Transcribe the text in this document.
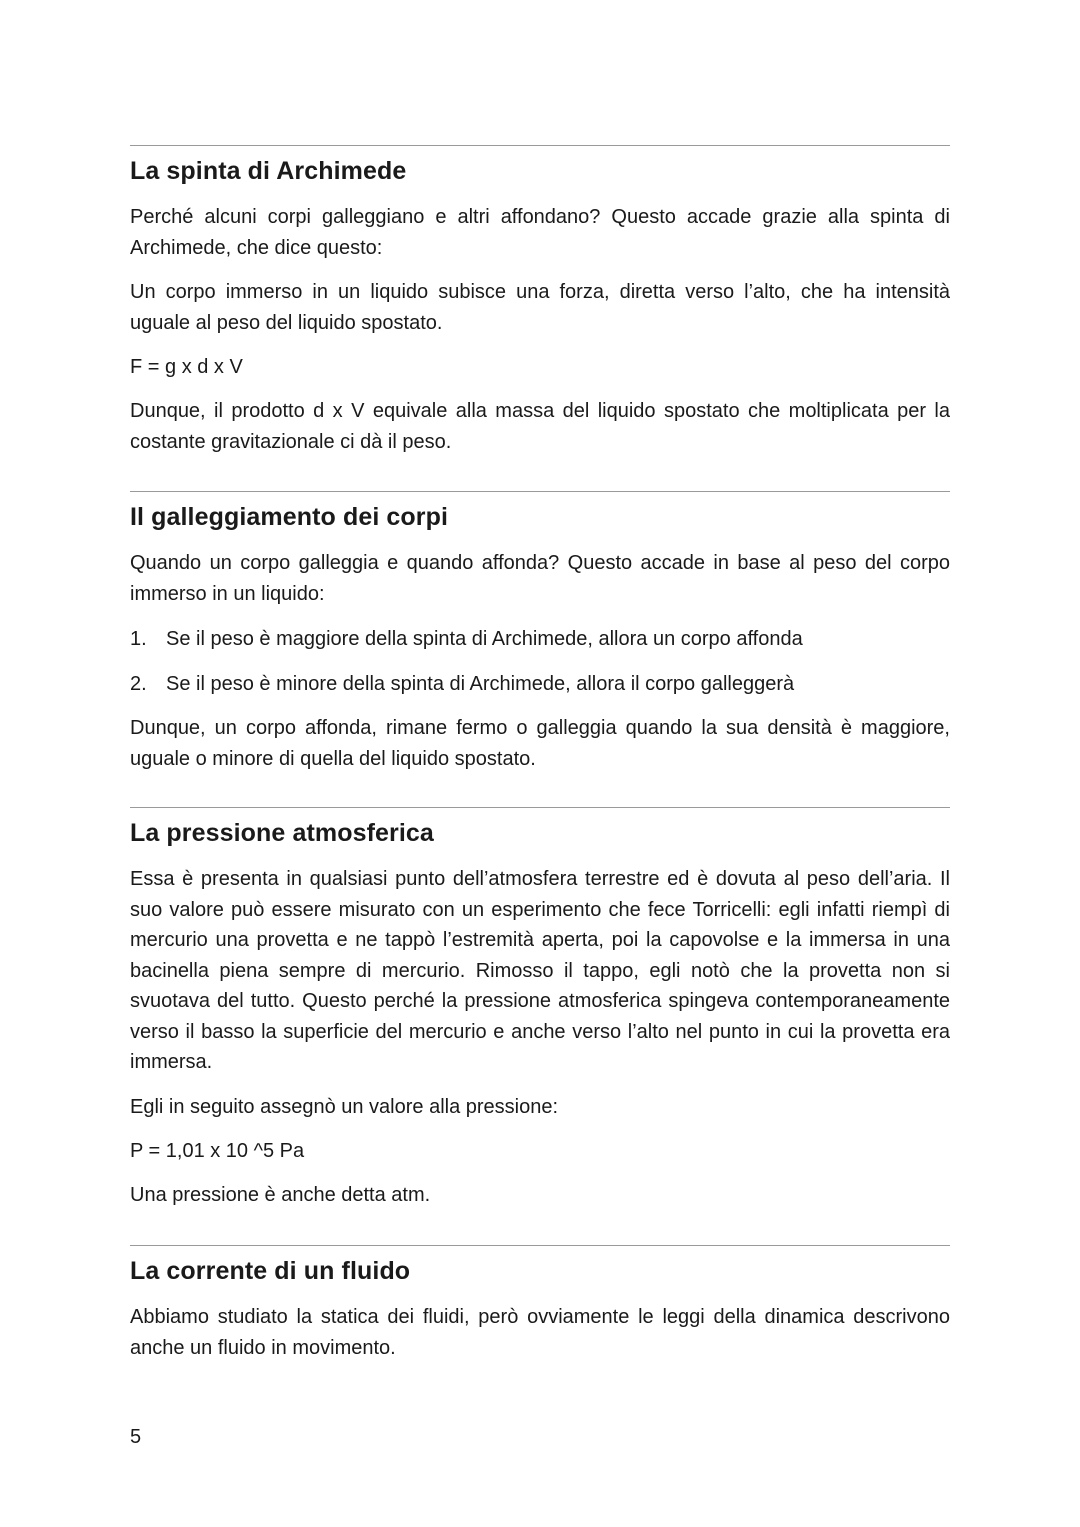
La spinta di Archimede

Perché alcuni corpi galleggiano e altri affondano? Questo accade grazie alla spinta di Archimede, che dice questo:

Un corpo immerso in un liquido subisce una forza, diretta verso l’alto, che ha intensità uguale al peso del liquido spostato.

F = g x d x V

Dunque, il prodotto d x V equivale alla massa del liquido spostato che moltiplicata per la costante gravitazionale ci dà il peso.

Il galleggiamento dei corpi

Quando un corpo galleggia e quando affonda? Questo accade in base al peso del corpo immerso in un liquido:

1. Se il peso è maggiore della spinta di Archimede, allora un corpo affonda
2. Se il peso è minore della spinta di Archimede, allora il corpo galleggerà

Dunque, un corpo affonda, rimane fermo o galleggia quando la sua densità è maggiore, uguale o minore di quella del liquido spostato.

La pressione atmosferica

Essa è presenta in qualsiasi punto dell’atmosfera terrestre ed è dovuta al peso dell’aria. Il suo valore può essere misurato con un esperimento che fece Torricelli: egli infatti riempì di mercurio una provetta e ne tappò l’estremità aperta, poi la capovolse e la immersa in una bacinella piena sempre di mercurio. Rimosso il tappo, egli notò che la provetta non si svuotava del tutto. Questo perché la pressione atmosferica spingeva contemporaneamente verso il basso la superficie del mercurio e anche verso l’alto nel punto in cui la provetta era immersa.

Egli in seguito assegnò un valore alla pressione:

P = 1,01 x 10 ^5 Pa

Una pressione è anche detta atm.

La corrente di un fluido

Abbiamo studiato la statica dei fluidi, però ovviamente le leggi della dinamica descrivono anche un fluido in movimento.

5
